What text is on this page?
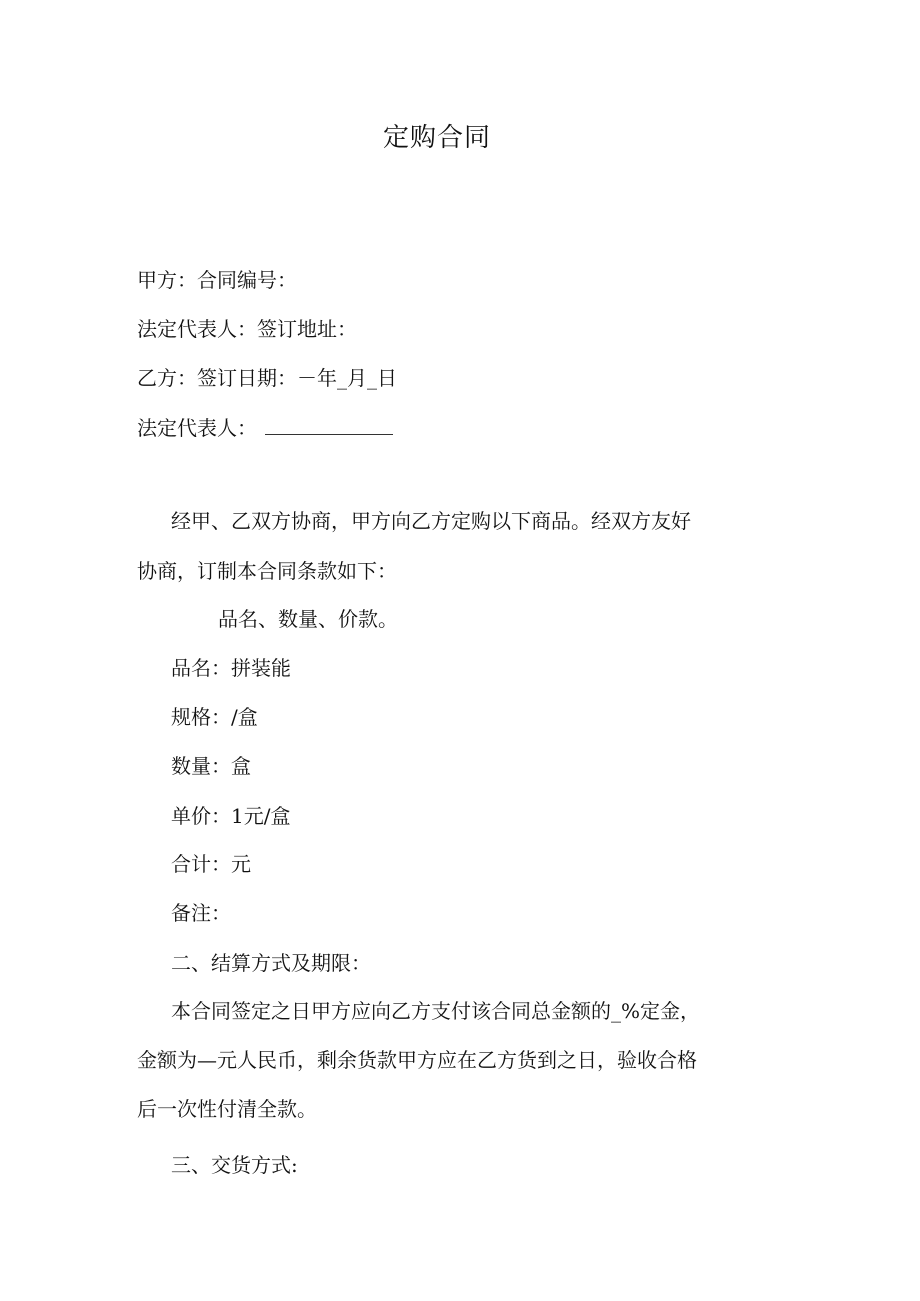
定购合同
甲方：合同编号：
法定代表人：签订地址：
乙方：签订日期：－年_月_日
法定代表人：
经甲、乙双方协商，甲方向乙方定购以下商品。经双方友好
协商，订制本合同条款如下：
品名、数量、价款。
品名：拼装能
规格：/盒
数量：盒
单价：1元/盒
合计：元
备注：
二、结算方式及期限：
本合同签定之日甲方应向乙方支付该合同总金额的_%定金，
金额为—元人民币，剩余货款甲方应在乙方货到之日，验收合格
后一次性付清全款。
三、交货方式:
